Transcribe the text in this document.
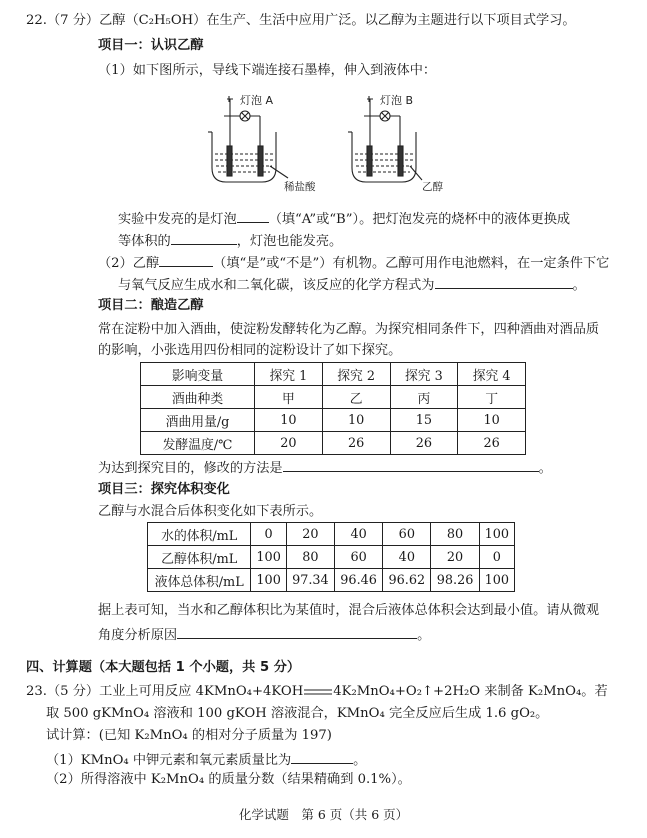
22.（7 分）乙醇（C₂H₅OH）在生产、生活中应用广泛。以乙醇为主题进行以下项目式学习。
项目一：认识乙醇
（1）如下图所示，导线下端连接石墨棒，伸入到液体中：
灯泡 A	灯泡 B
稀盐酸	乙醇
实验中发亮的是灯泡 （填“A”或“B”）。把灯泡发亮的烧杯中的液体更换成
等体积的	，灯泡也能发亮。
（2）乙醇	（填“是”或“不是”）有机物。乙醇可用作电池燃料，在一定条件下它
与氧气反应生成水和二氧化碳，该反应的化学方程式为	。
项目二：酿造乙醇
常在淀粉中加入酒曲，使淀粉发酵转化为乙醇。为探究相同条件下，四种酒曲对酒品质
的影响，小张选用四份相同的淀粉设计了如下探究。
影响变量	探究 1	探究 2	探究 3	探究 4
酒曲种类	甲	乙	丙	丁
酒曲用量/g	10	10	15	10
发酵温度/℃	20	26	26	26
为达到探究目的，修改的方法是	。
项目三：探究体积变化
乙醇与水混合后体积变化如下表所示。
水的体积/mL	0	20	40	60	80	100
乙醇体积/mL	100	80	60	40	20	0
液体总体积/mL	100	97.34	96.46	96.62	98.26	100
据上表可知，当水和乙醇体积比为某值时，混合后液体总体积会达到最小值。请从微观
角度分析原因	。
四、计算题（本大题包括 1 个小题，共 5 分）
23.（5 分）工业上可用反应 4KMnO₄+4KOH 4K₂MnO₄+O₂↑+2H₂O 来制备 K₂MnO₄。若
取 500 gKMnO₄ 溶液和 100 gKOH 溶液混合，KMnO₄ 完全反应后生成 1.6 gO₂。
试计算：(已知 K₂MnO₄ 的相对分子质量为 197)
（1）KMnO₄ 中钾元素和氧元素质量比为	。
（2）所得溶液中 K₂MnO₄ 的质量分数（结果精确到 0.1%）。
化学试题　第 6 页（共 6 页）
